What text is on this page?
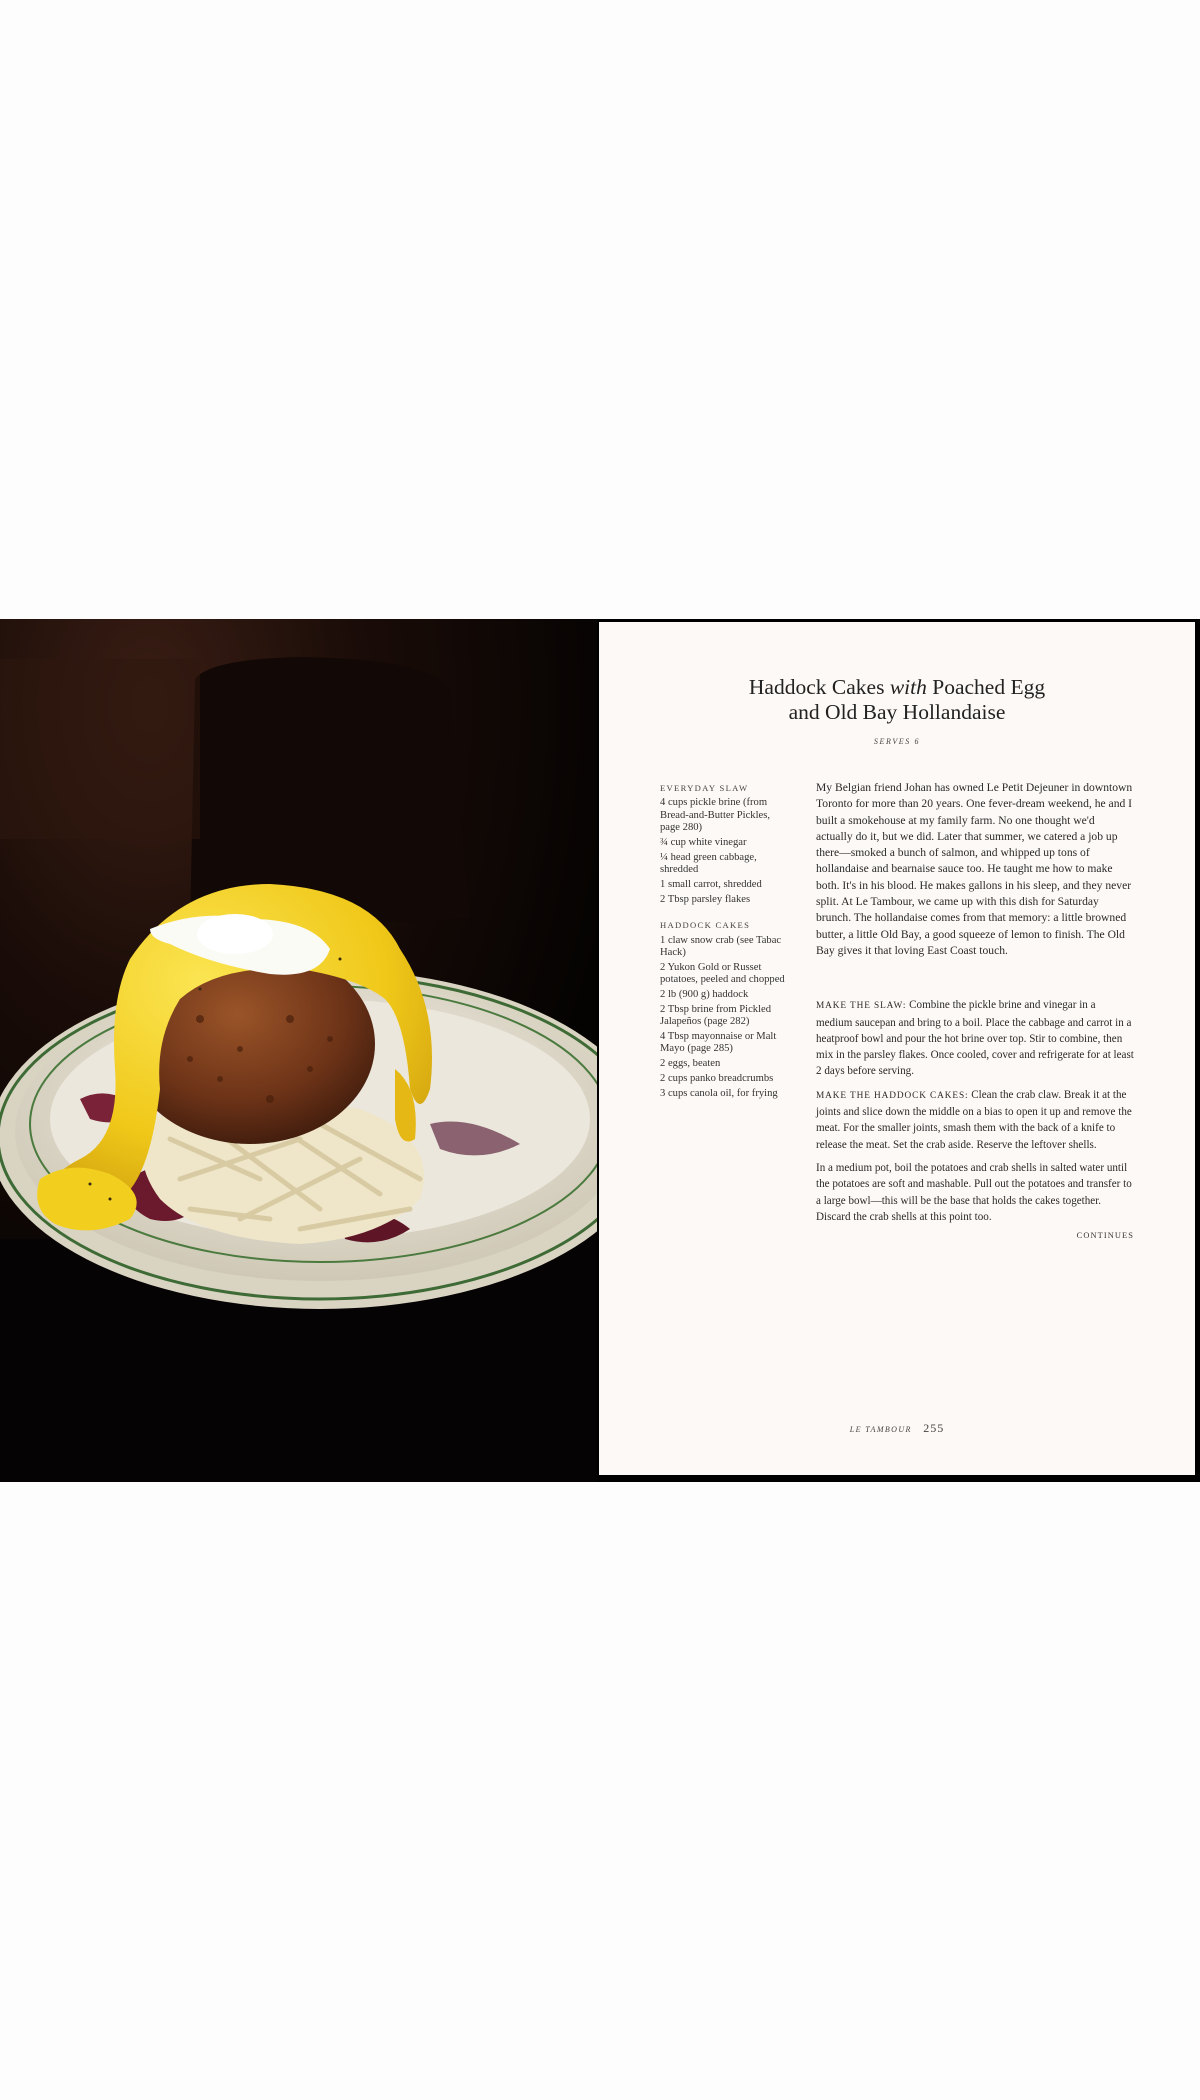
Haddock Cakes with Poached Egg
and Old Bay Hollandaise
SERVES 6
EVERYDAY SLAW
4 cups pickle brine (from Bread-and-Butter Pickles, page 280)
¾ cup white vinegar
¼ head green cabbage, shredded
1 small carrot, shredded
2 Tbsp parsley flakes
HADDOCK CAKES
1 claw snow crab (see Tabac Hack)
2 Yukon Gold or Russet potatoes, peeled and chopped
2 lb (900 g) haddock
2 Tbsp brine from Pickled Jalapeños (page 282)
4 Tbsp mayonnaise or Malt Mayo (page 285)
2 eggs, beaten
2 cups panko breadcrumbs
3 cups canola oil, for frying

My Belgian friend Johan has owned Le Petit Dejeuner in downtown Toronto for more than 20 years. One fever-dream weekend, he and I built a smokehouse at my family farm. No one thought we'd actually do it, but we did. Later that summer, we catered a job up there—smoked a bunch of salmon, and whipped up tons of hollandaise and bearnaise sauce too. He taught me how to make both. It's in his blood. He makes gallons in his sleep, and they never split. At Le Tambour, we came up with this dish for Saturday brunch. The hollandaise comes from that memory: a little browned butter, a little Old Bay, a good squeeze of lemon to finish. The Old Bay gives it that loving East Coast touch.

MAKE THE SLAW: Combine the pickle brine and vinegar in a medium saucepan and bring to a boil. Place the cabbage and carrot in a heatproof bowl and pour the hot brine over top. Stir to combine, then mix in the parsley flakes. Once cooled, cover and refrigerate for at least 2 days before serving.

MAKE THE HADDOCK CAKES: Clean the crab claw. Break it at the joints and slice down the middle on a bias to open it up and remove the meat. For the smaller joints, smash them with the back of a knife to release the meat. Set the crab aside. Reserve the leftover shells.

In a medium pot, boil the potatoes and crab shells in salted water until the potatoes are soft and mashable. Pull out the potatoes and transfer to a large bowl—this will be the base that holds the cakes together. Discard the crab shells at this point too.

CONTINUES
LE TAMBOUR 255
